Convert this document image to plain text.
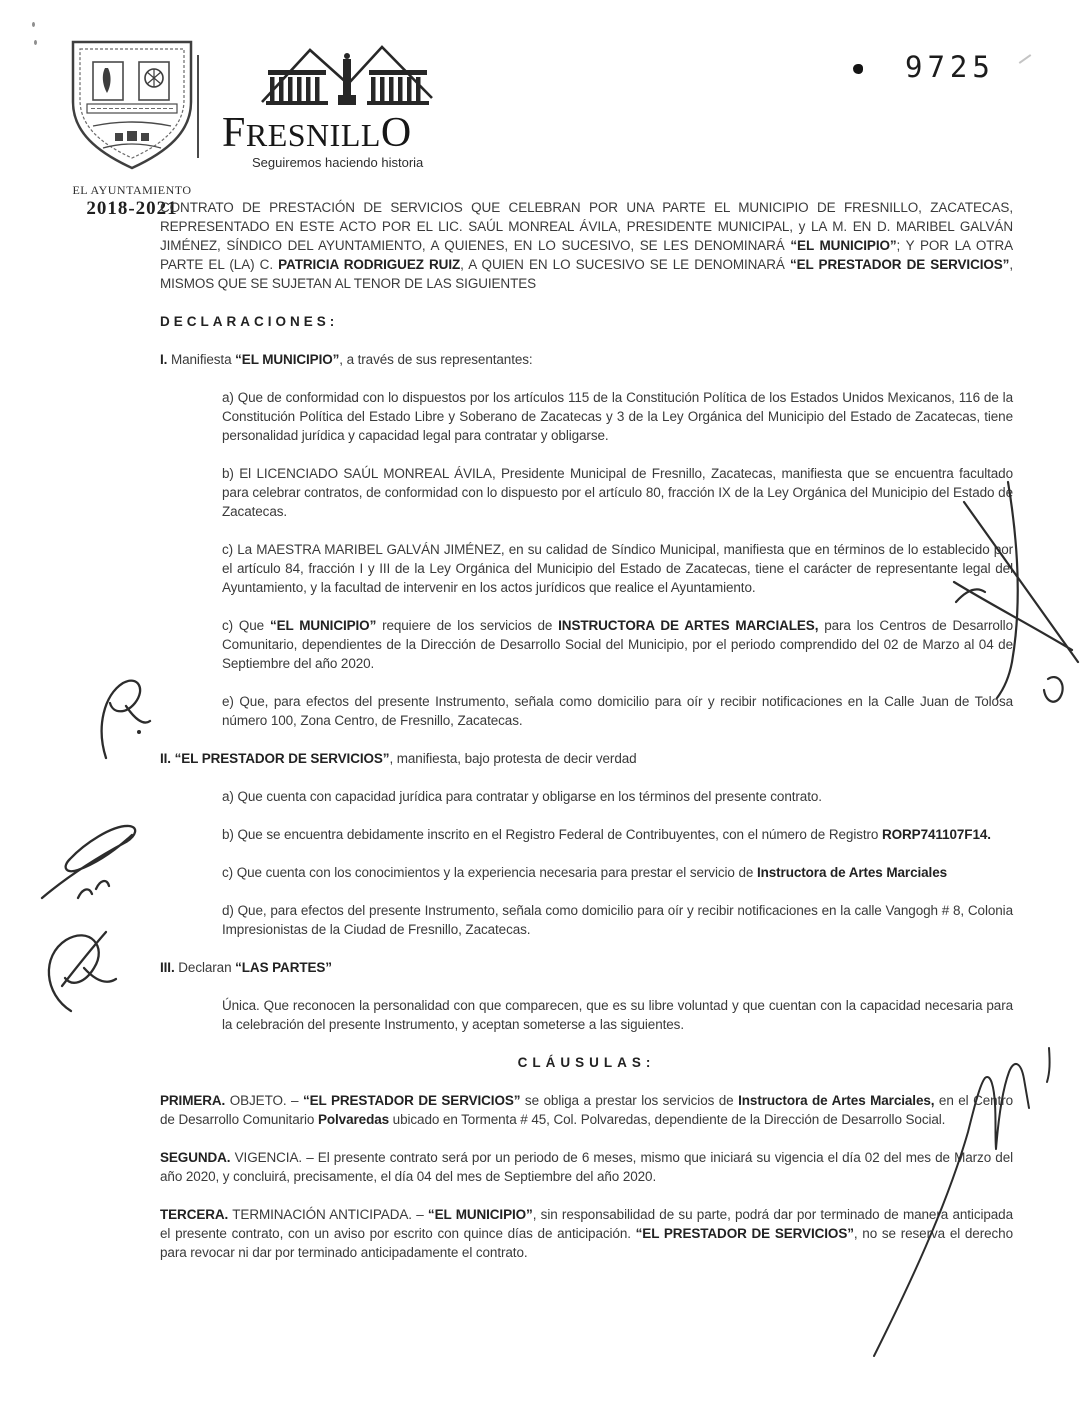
EL AYUNTAMIENTO
2018-2021
FRESNILLO
Seguiremos haciendo historia
9725

CONTRATO DE PRESTACIÓN DE SERVICIOS QUE CELEBRAN POR UNA PARTE EL MUNICIPIO DE FRESNILLO, ZACATECAS, REPRESENTADO EN ESTE ACTO POR EL LIC. SAÚL MONREAL ÁVILA, PRESIDENTE MUNICIPAL, y LA M. EN D. MARIBEL GALVÁN JIMÉNEZ, SÍNDICO DEL AYUNTAMIENTO, A QUIENES, EN LO SUCESIVO, SE LES DENOMINARÁ “EL MUNICIPIO”; Y POR LA OTRA PARTE EL (LA) C. PATRICIA RODRIGUEZ RUIZ, A QUIEN EN LO SUCESIVO SE LE DENOMINARÁ “EL PRESTADOR DE SERVICIOS”, MISMOS QUE SE SUJETAN AL TENOR DE LAS SIGUIENTES

DECLARACIONES:

I. Manifiesta “EL MUNICIPIO”, a través de sus representantes:

a) Que de conformidad con lo dispuestos por los artículos 115 de la Constitución Política de los Estados Unidos Mexicanos, 116 de la Constitución Política del Estado Libre y Soberano de Zacatecas y 3 de la Ley Orgánica del Municipio del Estado de Zacatecas, tiene personalidad jurídica y capacidad legal para contratar y obligarse.

b) El LICENCIADO SAÚL MONREAL ÁVILA, Presidente Municipal de Fresnillo, Zacatecas, manifiesta que se encuentra facultado para celebrar contratos, de conformidad con lo dispuesto por el artículo 80, fracción IX de la Ley Orgánica del Municipio del Estado de Zacatecas.

c) La MAESTRA MARIBEL GALVÁN JIMÉNEZ, en su calidad de Síndico Municipal, manifiesta que en términos de lo establecido por el artículo 84, fracción I y III de la Ley Orgánica del Municipio del Estado de Zacatecas, tiene el carácter de representante legal del Ayuntamiento, y la facultad de intervenir en los actos jurídicos que realice el Ayuntamiento.

c) Que “EL MUNICIPIO” requiere de los servicios de INSTRUCTORA DE ARTES MARCIALES, para los Centros de Desarrollo Comunitario, dependientes de la Dirección de Desarrollo Social del Municipio, por el periodo comprendido del 02 de Marzo al 04 de Septiembre del año 2020.

e) Que, para efectos del presente Instrumento, señala como domicilio para oír y recibir notificaciones en la Calle Juan de Tolosa número 100, Zona Centro, de Fresnillo, Zacatecas.

II. “EL PRESTADOR DE SERVICIOS”, manifiesta, bajo protesta de decir verdad

a) Que cuenta con capacidad jurídica para contratar y obligarse en los términos del presente contrato.

b) Que se encuentra debidamente inscrito en el Registro Federal de Contribuyentes, con el número de Registro RORP741107F14.

c) Que cuenta con los conocimientos y la experiencia necesaria para prestar el servicio de Instructora de Artes Marciales

d) Que, para efectos del presente Instrumento, señala como domicilio para oír y recibir notificaciones en la calle Vangogh # 8, Colonia Impresionistas de la Ciudad de Fresnillo, Zacatecas.

III. Declaran “LAS PARTES”

Única. Que reconocen la personalidad con que comparecen, que es su libre voluntad y que cuentan con la capacidad necesaria para la celebración del presente Instrumento, y aceptan someterse a las siguientes.

CLÁUSULAS:

PRIMERA. OBJETO. – “EL PRESTADOR DE SERVICIOS” se obliga a prestar los servicios de Instructora de Artes Marciales, en el Centro de Desarrollo Comunitario Polvaredas ubicado en Tormenta # 45, Col. Polvaredas, dependiente de la Dirección de Desarrollo Social.

SEGUNDA. VIGENCIA. – El presente contrato será por un periodo de 6 meses, mismo que iniciará su vigencia el día 02 del mes de Marzo del año 2020, y concluirá, precisamente, el día 04 del mes de Septiembre del año 2020.

TERCERA. TERMINACIÓN ANTICIPADA. – “EL MUNICIPIO”, sin responsabilidad de su parte, podrá dar por terminado de manera anticipada el presente contrato, con un aviso por escrito con quince días de anticipación. “EL PRESTADOR DE SERVICIOS”, no se reserva el derecho para revocar ni dar por terminado anticipadamente el contrato.
